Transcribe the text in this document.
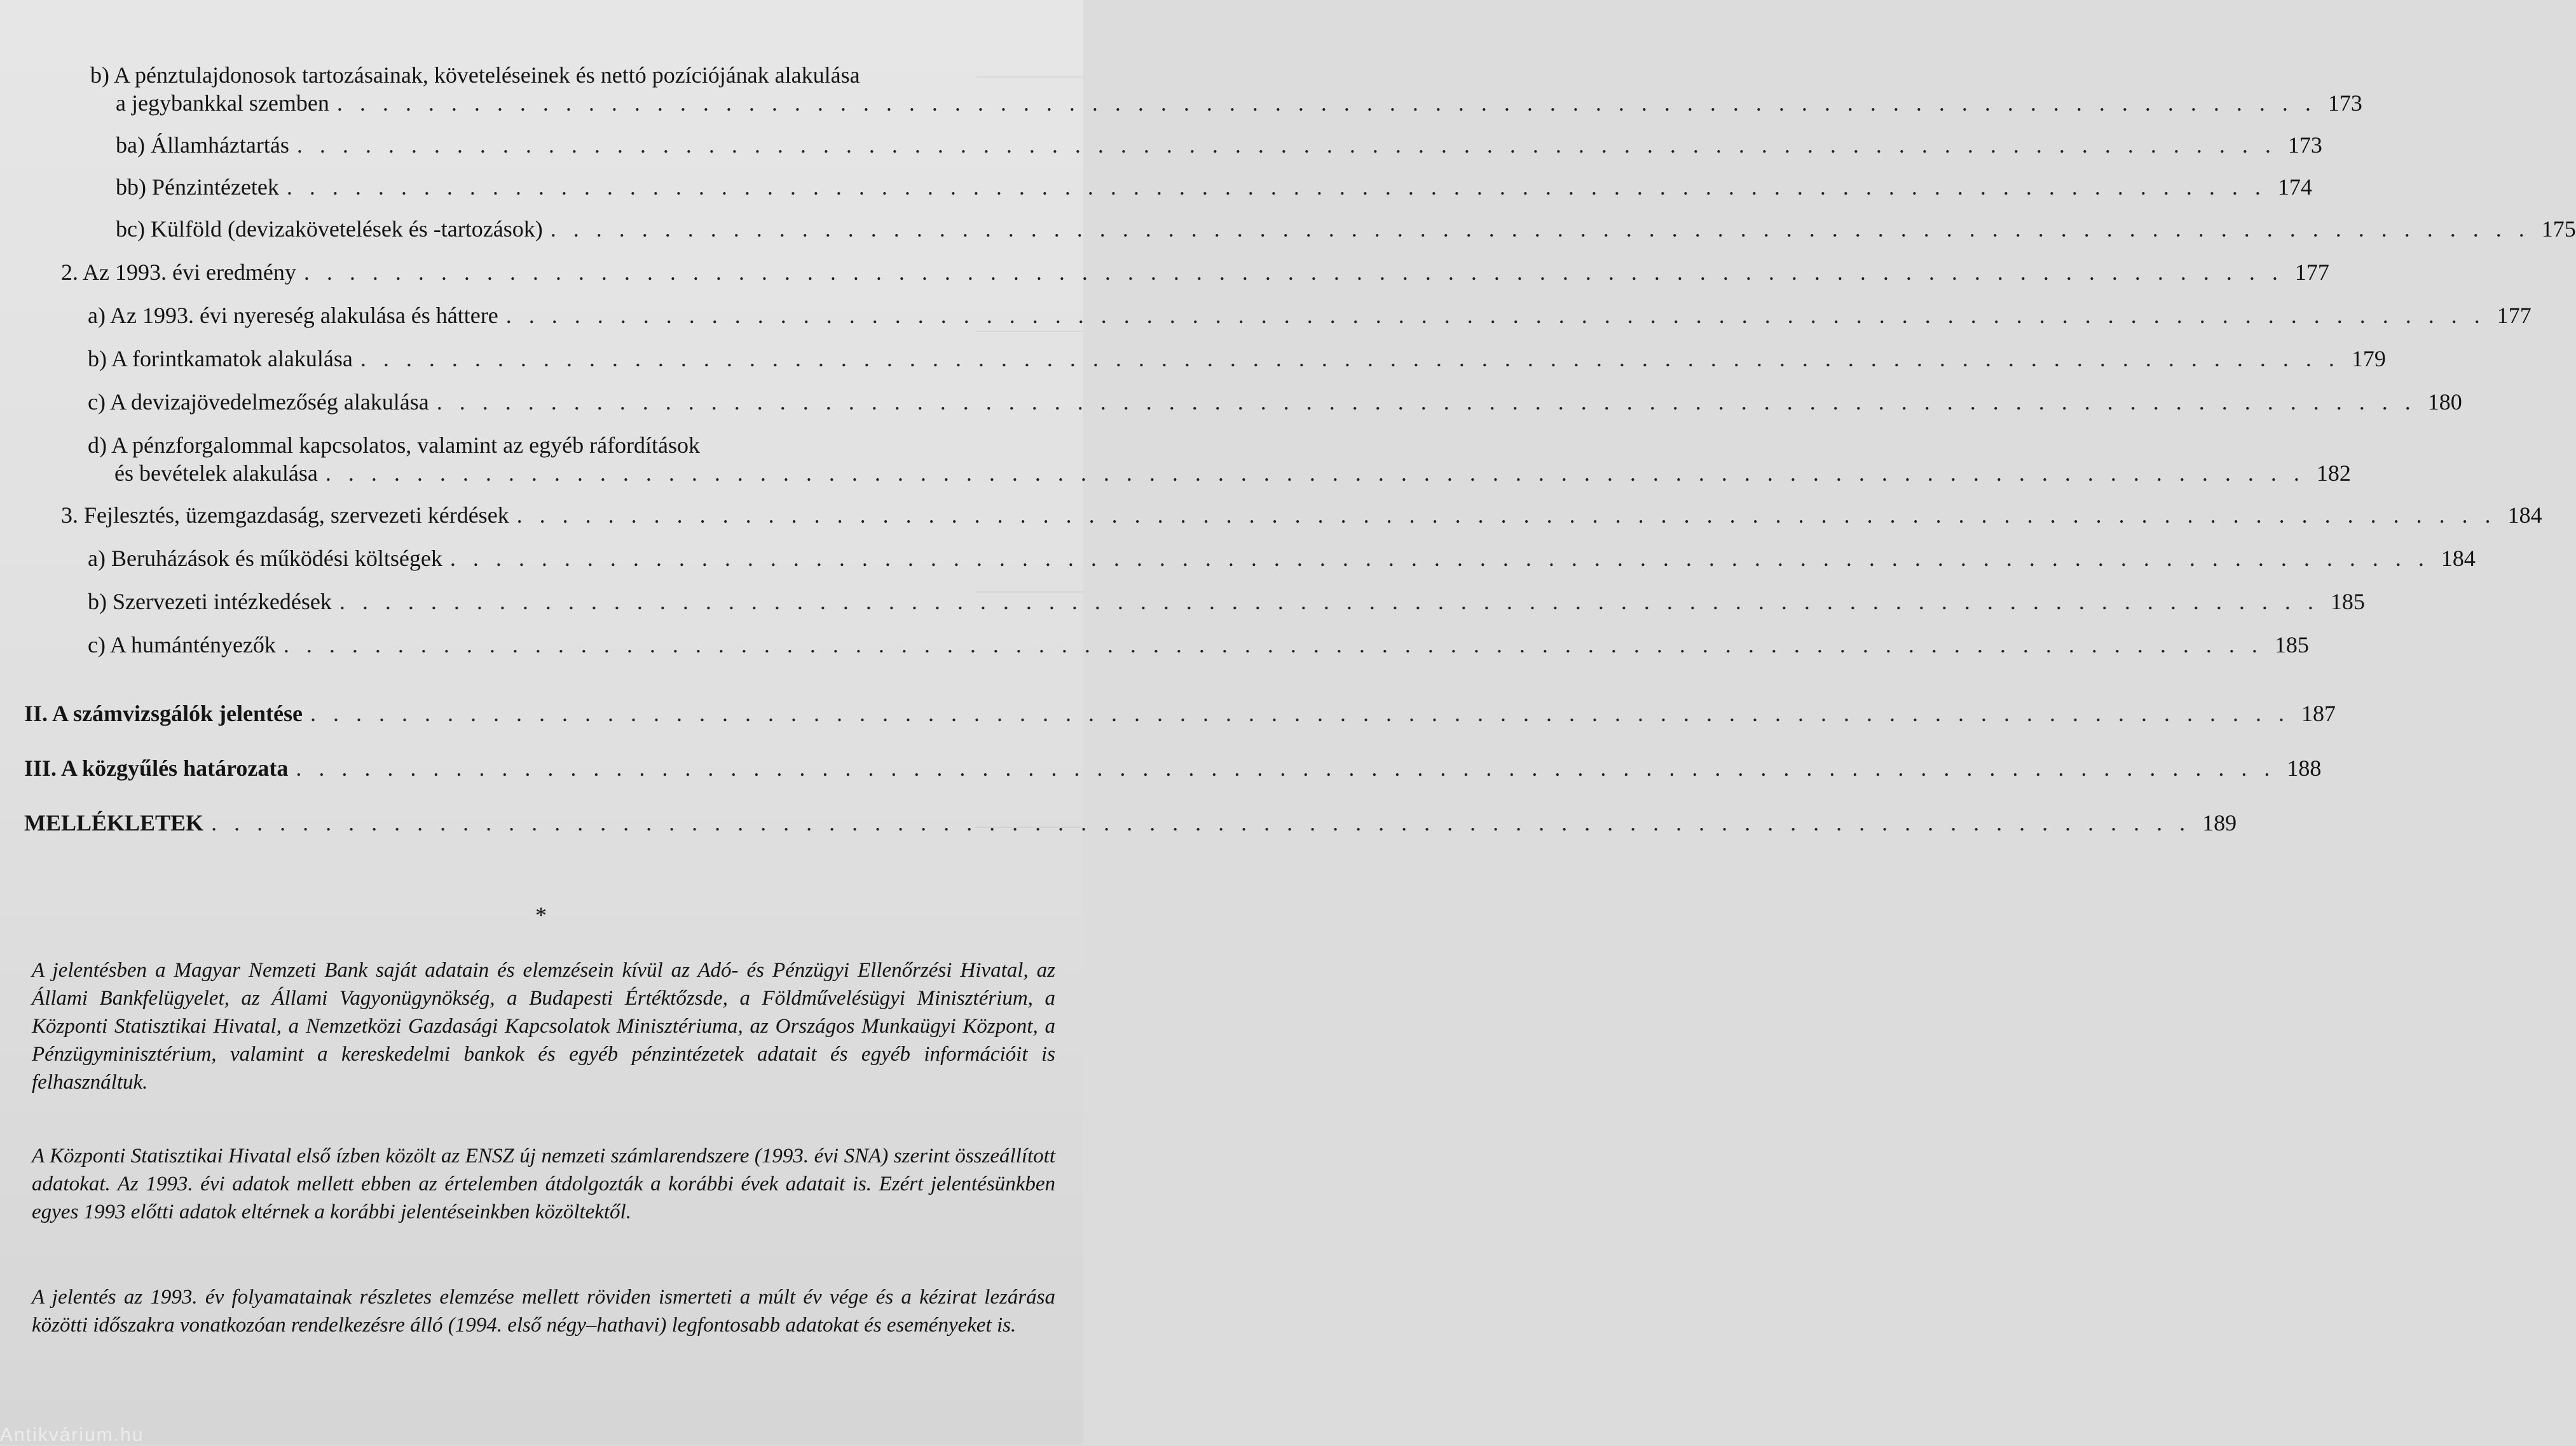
b) A pénztulajdonosok tartozásainak, követeléseinek és nettó pozíciójának alakulása
a jegybankkal szemben . . . . . . . . . . . . . . . . . . . . . . . . . . . . . . . . . . . . . . . . . . . . . . . . . . . . . . . . . . . . . . . . . . . . . . . . . . . . . . . . . . . . . . . 173
ba) Államháztartás . . . . . . . . . . . . . . . . . . . . . . . . . . . . . . . . . . . . . . . . . . . . . . . . . . . . . . . . . . . . . . . . . . . . . . . . . . . . . . . . . . . . . . . 173
bb) Pénzintézetek . . . . . . . . . . . . . . . . . . . . . . . . . . . . . . . . . . . . . . . . . . . . . . . . . . . . . . . . . . . . . . . . . . . . . . . . . . . . . . . . . . . . . . . 174
bc) Külföld (devizakövetelések és -tartozások) . . . . . . . . . . . . . . . . . . . . . . . . . . . . . . . . . . . . . . . . . . . . . . . . . . . . . . . . . . . . . . . . . . . . . . . . . . . . . . . . . . . . . . . 175
2. Az 1993. évi eredmény . . . . . . . . . . . . . . . . . . . . . . . . . . . . . . . . . . . . . . . . . . . . . . . . . . . . . . . . . . . . . . . . . . . . . . . . . . . . . . . . . . . . . . . 177
a) Az 1993. évi nyereség alakulása és háttere . . . . . . . . . . . . . . . . . . . . . . . . . . . . . . . . . . . . . . . . . . . . . . . . . . . . . . . . . . . . . . . . . . . . . . . . . . . . . . . . . . . . . . . 177
b) A forintkamatok alakulása . . . . . . . . . . . . . . . . . . . . . . . . . . . . . . . . . . . . . . . . . . . . . . . . . . . . . . . . . . . . . . . . . . . . . . . . . . . . . . . . . . . . . . . 179
c) A devizajövedelmezőség alakulása . . . . . . . . . . . . . . . . . . . . . . . . . . . . . . . . . . . . . . . . . . . . . . . . . . . . . . . . . . . . . . . . . . . . . . . . . . . . . . . . . . . . . . . 180
d) A pénzforgalommal kapcsolatos, valamint az egyéb ráfordítások
és bevételek alakulása . . . . . . . . . . . . . . . . . . . . . . . . . . . . . . . . . . . . . . . . . . . . . . . . . . . . . . . . . . . . . . . . . . . . . . . . . . . . . . . . . . . . . . . 182
3. Fejlesztés, üzemgazdaság, szervezeti kérdések . . . . . . . . . . . . . . . . . . . . . . . . . . . . . . . . . . . . . . . . . . . . . . . . . . . . . . . . . . . . . . . . . . . . . . . . . . . . . . . . . . . . . . . 184
a) Beruházások és működési költségek . . . . . . . . . . . . . . . . . . . . . . . . . . . . . . . . . . . . . . . . . . . . . . . . . . . . . . . . . . . . . . . . . . . . . . . . . . . . . . . . . . . . . . . 184
b) Szervezeti intézkedések . . . . . . . . . . . . . . . . . . . . . . . . . . . . . . . . . . . . . . . . . . . . . . . . . . . . . . . . . . . . . . . . . . . . . . . . . . . . . . . . . . . . . . . 185
c) A humántényezők . . . . . . . . . . . . . . . . . . . . . . . . . . . . . . . . . . . . . . . . . . . . . . . . . . . . . . . . . . . . . . . . . . . . . . . . . . . . . . . . . . . . . . . 185
II. A számvizsgálók jelentése . . . . . . . . . . . . . . . . . . . . . . . . . . . . . . . . . . . . . . . . . . . . . . . . . . . . . . . . . . . . . . . . . . . . . . . . . . . . . . . . . . . . . . . 187
III. A közgyűlés határozata . . . . . . . . . . . . . . . . . . . . . . . . . . . . . . . . . . . . . . . . . . . . . . . . . . . . . . . . . . . . . . . . . . . . . . . . . . . . . . . . . . . . . . . 188
MELLÉKLETEK . . . . . . . . . . . . . . . . . . . . . . . . . . . . . . . . . . . . . . . . . . . . . . . . . . . . . . . . . . . . . . . . . . . . . . . . . . . . . . . . . . . . . . . 189
*
A jelentésben a Magyar Nemzeti Bank saját adatain és elemzésein kívül az Adó- és Pénzügyi Ellenőrzési Hivatal, az Állami Bankfelügyelet, az Állami Vagyonügynökség, a Budapesti Értéktőzsde, a Földművelésügyi Minisztérium, a Központi Statisztikai Hivatal, a Nemzetközi Gazdasági Kapcsolatok Minisztériuma, az Országos Munkaügyi Központ, a Pénzügyminisztérium, valamint a kereskedelmi bankok és egyéb pénzintézetek adatait és egyéb információit is felhasználtuk.
A Központi Statisztikai Hivatal első ízben közölt az ENSZ új nemzeti számlarendszere (1993. évi SNA) szerint összeállított adatokat. Az 1993. évi adatok mellett ebben az értelemben átdolgozták a korábbi évek adatait is. Ezért jelentésünkben egyes 1993 előtti adatok eltérnek a korábbi jelentéseinkben közöltektől.
A jelentés az 1993. év folyamatainak részletes elemzése mellett röviden ismerteti a múlt év vége és a kézirat lezárása közötti időszakra vonatkozóan rendelkezésre álló (1994. első négy–hathavi) legfontosabb adatokat és eseményeket is.
Antikvárium.hu
